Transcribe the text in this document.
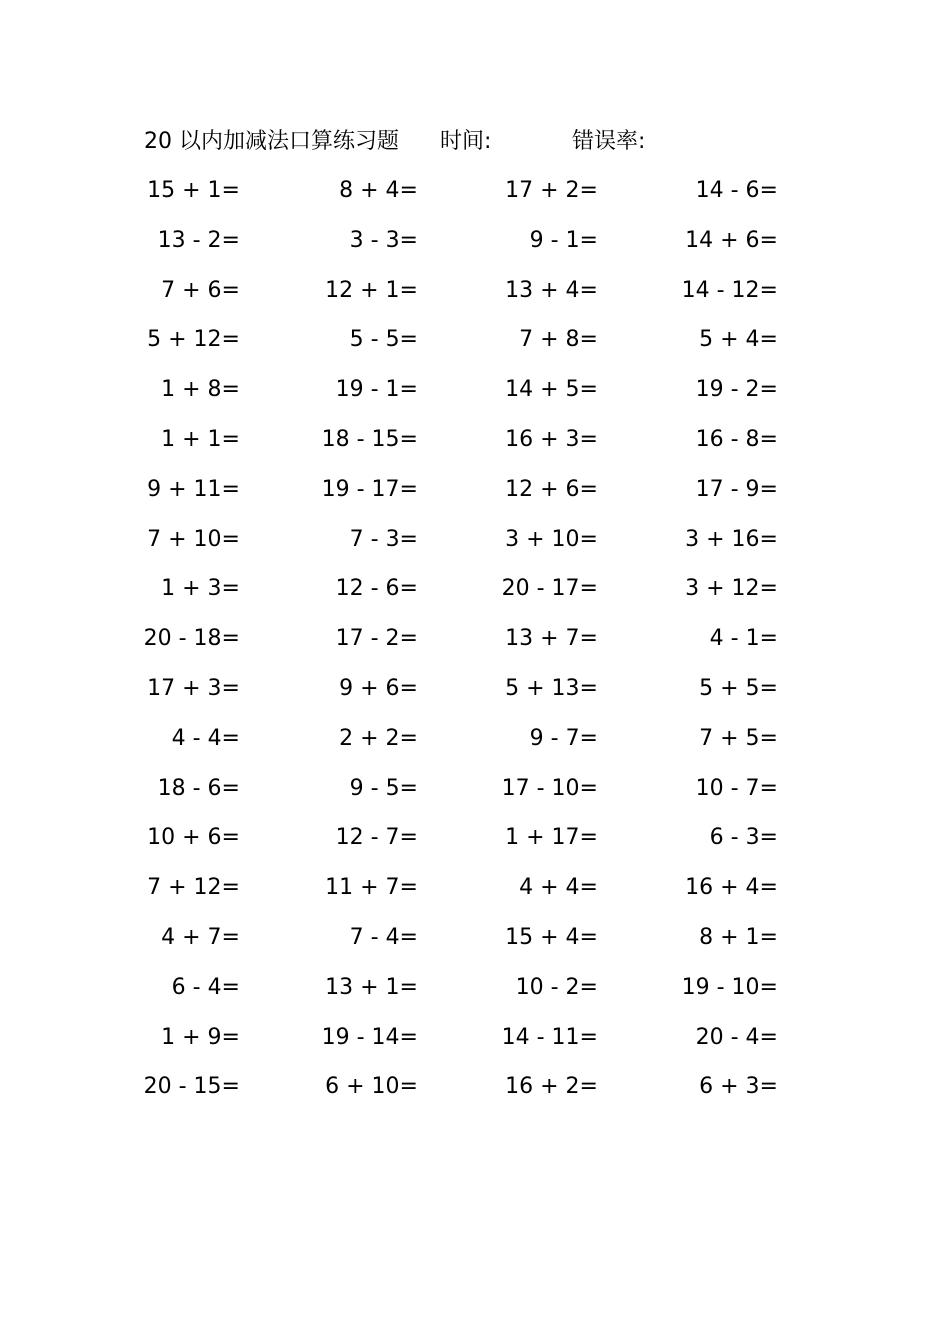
20 以内加减法口算练习题 时间:	错误率:
15 + 1=	8 + 4=	17 + 2=	14 - 6=
13 - 2=	3 - 3=	9 - 1=	14 + 6=
7 + 6=	12 + 1=	13 + 4=	14 - 12=
5 + 12=	5 - 5=	7 + 8=	5 + 4=
1 + 8=	19 - 1=	14 + 5=	19 - 2=
1 + 1=	18 - 15=	16 + 3=	16 - 8=
9 + 11=	19 - 17=	12 + 6=	17 - 9=
7 + 10=	7 - 3=	3 + 10=	3 + 16=
1 + 3=	12 - 6=	20 - 17=	3 + 12=
20 - 18=	17 - 2=	13 + 7=	4 - 1=
17 + 3=	9 + 6=	5 + 13=	5 + 5=
4 - 4=	2 + 2=	9 - 7=	7 + 5=
18 - 6=	9 - 5=	17 - 10=	10 - 7=
10 + 6=	12 - 7=	1 + 17=	6 - 3=
7 + 12=	11 + 7=	4 + 4=	16 + 4=
4 + 7=	7 - 4=	15 + 4=	8 + 1=
6 - 4=	13 + 1=	10 - 2=	19 - 10=
1 + 9=	19 - 14=	14 - 11=	20 - 4=
20 - 15=	6 + 10=	16 + 2=	6 + 3=
